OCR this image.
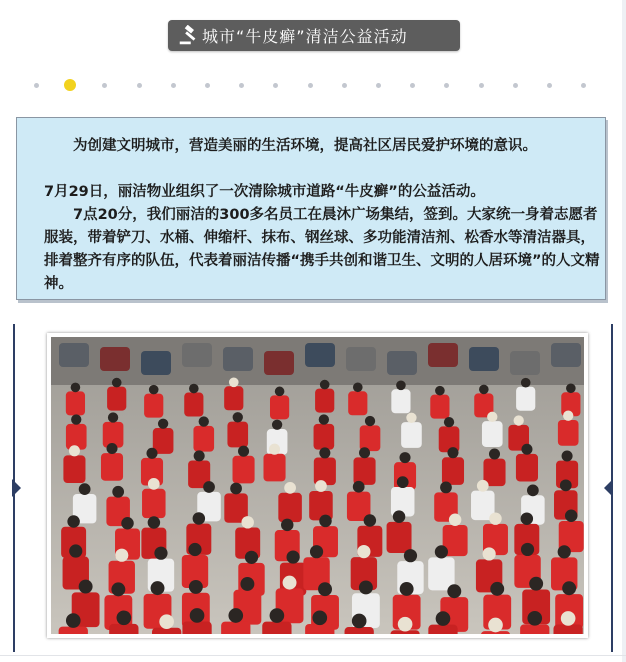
城市“牛皮癣”清洁公益活动

为创建文明城市，营造美丽的生活环境，提高社区居民爱护环境的意识。

7月29日，丽洁物业组织了一次清除城市道路“牛皮癣”的公益活动。

7点20分，我们丽洁的300多名员工在晨沐广场集结，签到。大家统一身着志愿者服装，带着铲刀、水桶、伸缩杆、抹布、钢丝球、多功能清洁剂、松香水等清洁器具，排着整齐有序的队伍，代表着丽洁传播“携手共创和谐卫生、文明的人居环境”的人文精神。
